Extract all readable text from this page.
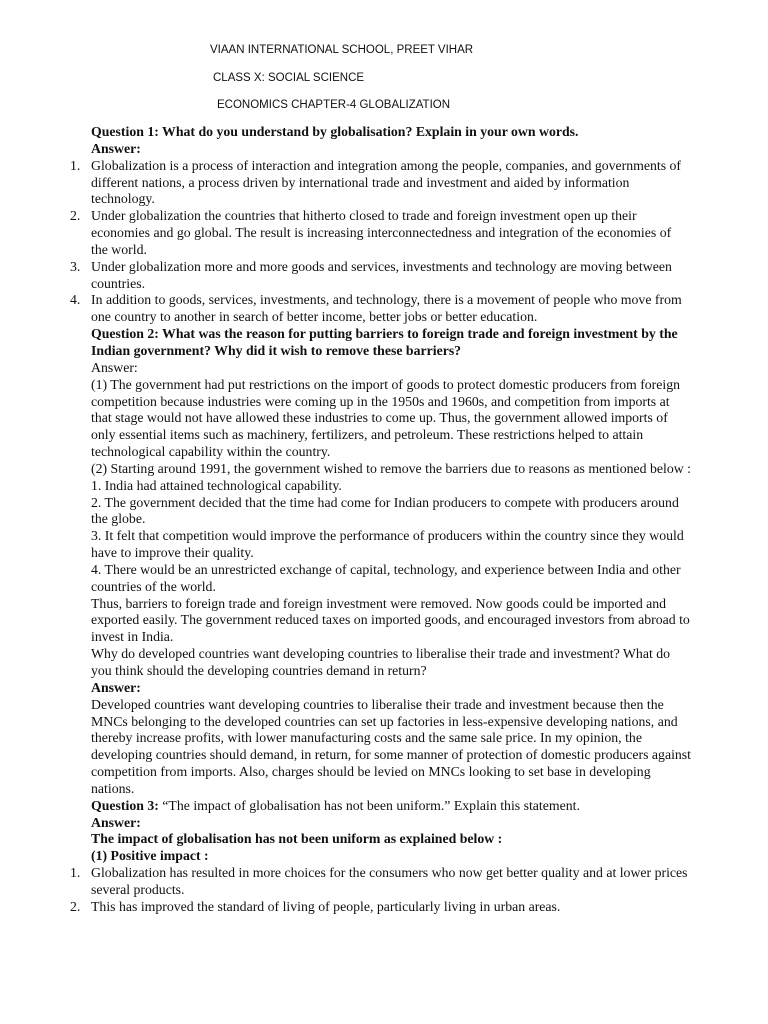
VIAAN INTERNATIONAL SCHOOL, PREET VIHAR
CLASS X: SOCIAL SCIENCE
ECONOMICS CHAPTER-4 GLOBALIZATION

Question 1: What do you understand by globalisation? Explain in your own words.

Answer:

1. Globalization is a process of interaction and integration among the people, companies, and governments of different nations, a process driven by international trade and investment and aided by information technology.
2. Under globalization the countries that hitherto closed to trade and foreign investment open up their economies and go global. The result is increasing interconnectedness and integration of the economies of the world.
3. Under globalization more and more goods and services, investments and technology are moving between countries.
4. In addition to goods, services, investments, and technology, there is a movement of people who move from one country to another in search of better income, better jobs or better education.

Question 2: What was the reason for putting barriers to foreign trade and foreign investment by the Indian government? Why did it wish to remove these barriers?

Answer:

(1) The government had put restrictions on the import of goods to protect domestic producers from foreign competition because industries were coming up in the 1950s and 1960s, and competition from imports at that stage would not have allowed these industries to come up. Thus, the government allowed imports of only essential items such as machinery, fertilizers, and petroleum. These restrictions helped to attain technological capability within the country.

(2) Starting around 1991, the government wished to remove the barriers due to reasons as mentioned below :

1. India had attained technological capability.

2. The government decided that the time had come for Indian producers to compete with producers around the globe.

3. It felt that competition would improve the performance of producers within the country since they would have to improve their quality.

4. There would be an unrestricted exchange of capital, technology, and experience between India and other countries of the world.

Thus, barriers to foreign trade and foreign investment were removed. Now goods could be imported and exported easily. The government reduced taxes on imported goods, and encouraged investors from abroad to invest in India.

Why do developed countries want developing countries to liberalise their trade and investment? What do you think should the developing countries demand in return?

Answer:

Developed countries want developing countries to liberalise their trade and investment because then the MNCs belonging to the developed countries can set up factories in less-expensive developing nations, and thereby increase profits, with lower manufacturing costs and the same sale price. In my opinion, the developing countries should demand, in return, for some manner of protection of domestic producers against competition from imports. Also, charges should be levied on MNCs looking to set base in developing nations.

Question 3: “The impact of globalisation has not been uniform.” Explain this statement.

Answer:

The impact of globalisation has not been uniform as explained below :

(1) Positive impact :

1. Globalization has resulted in more choices for the consumers who now get better quality and at lower prices several products.
2. This has improved the standard of living of people, particularly living in urban areas.
